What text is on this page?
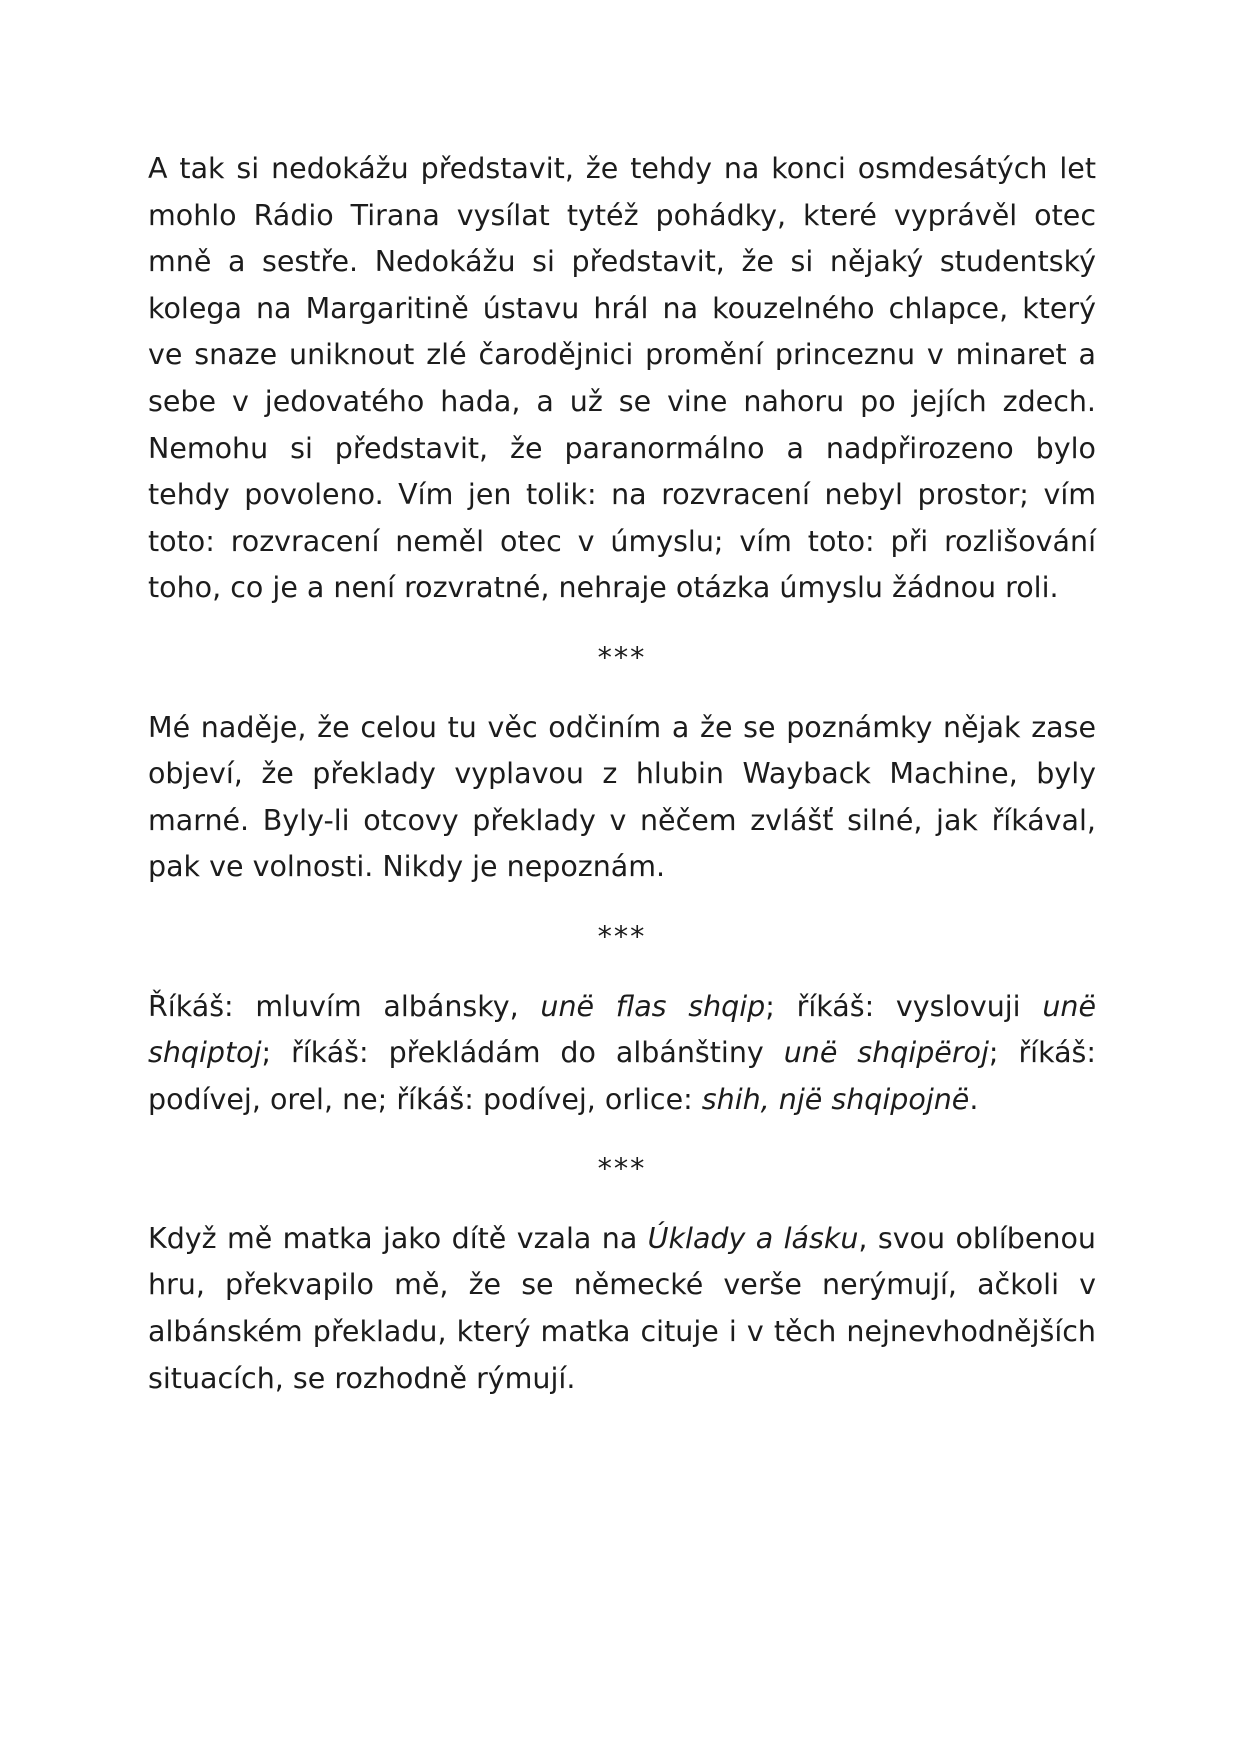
A tak si nedokážu představit, že tehdy na konci osmdesátých let mohlo Rádio Tirana vysílat tytéž pohádky, které vyprávěl otec mně a sestře. Nedokážu si představit, že si nějaký studentský kolega na Margaritině ústavu hrál na kouzelného chlapce, který ve snaze uniknout zlé čarodějnici promění princeznu v minaret a sebe v jedovatého hada, a už se vine nahoru po jejích zdech. Nemohu si představit, že paranormálno a nadpřirozeno bylo tehdy povoleno. Vím jen tolik: na rozvracení nebyl prostor; vím toto: rozvracení neměl otec v úmyslu; vím toto: při rozlišování toho, co je a není rozvratné, nehraje otázka úmyslu žádnou roli.

***

Mé naděje, že celou tu věc odčiním a že se poznámky nějak zase objeví, že překlady vyplavou z hlubin Wayback Machine, byly marné. Byly-li otcovy překlady v něčem zvlášť silné, jak říkával, pak ve volnosti. Nikdy je nepoznám.

***

Říkáš: mluvím albánsky, unë flas shqip; říkáš: vyslovuji unë shqiptoj; říkáš: překládám do albánštiny unë shqipëroj; říkáš: podívej, orel, ne; říkáš: podívej, orlice: shih, një shqipojnë.

***

Když mě matka jako dítě vzala na Úklady a lásku, svou oblíbenou hru, překvapilo mě, že se německé verše nerýmují, ačkoli v albánském překladu, který matka cituje i v těch nejnevhodnějších situacích, se rozhodně rýmují.
